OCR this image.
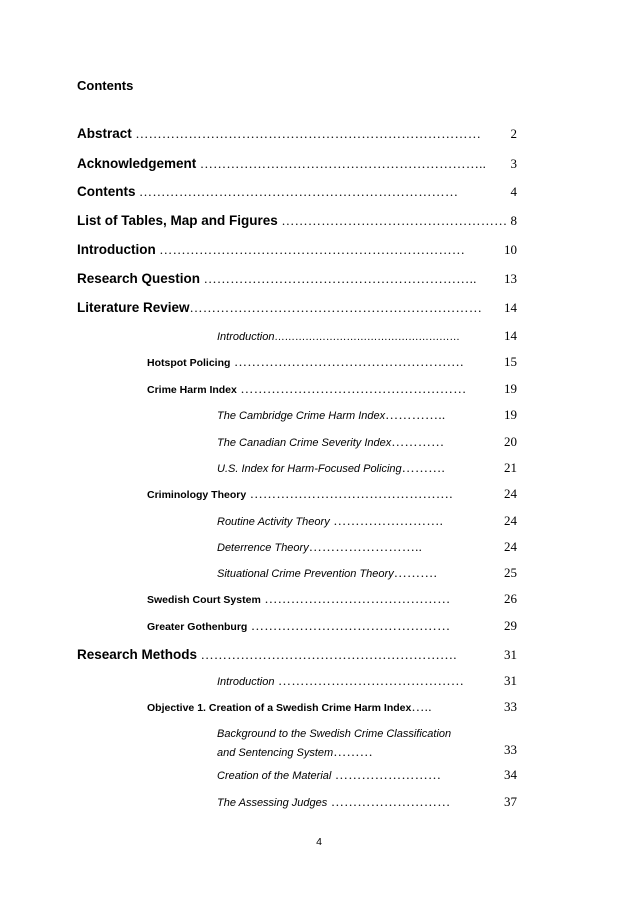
Contents
Abstract …………………………………………………………………… 2
Acknowledgement ……………………………………………………….. 3
Contents ………………………………………………………………	4
List of Tables, Map and Figures …………………………………………… 8
Introduction ……………………………………………………………	10
Research Question …………………………………………………….. 13
Literature Review………………………………………………………… 14
Introduction………………………………………………	14
Hotspot Policing …………………………………………….	15
Crime Harm Index ……………………………………………	19
The Cambridge Crime Harm Index…………..	19
The Canadian Crime Severity Index…………	20
U.S. Index for Harm-Focused Policing……….	21
Criminology Theory ……………………………………….	24
Routine Activity Theory …………………….	24
Deterrence Theory……………………..	24
Situational Crime Prevention Theory……….	25
Swedish Court System ……………………………………	26
Greater Gothenburg ………………………………………	29
Research Methods ………………………………………………….	31
Introduction ……………………………………	31
Objective 1. Creation of a Swedish Crime Harm Index…..	33
Background to the Swedish Crime Classification and Sentencing System………	33
Creation of the Material ……………………	34
The Assessing Judges ………………………	37
4
